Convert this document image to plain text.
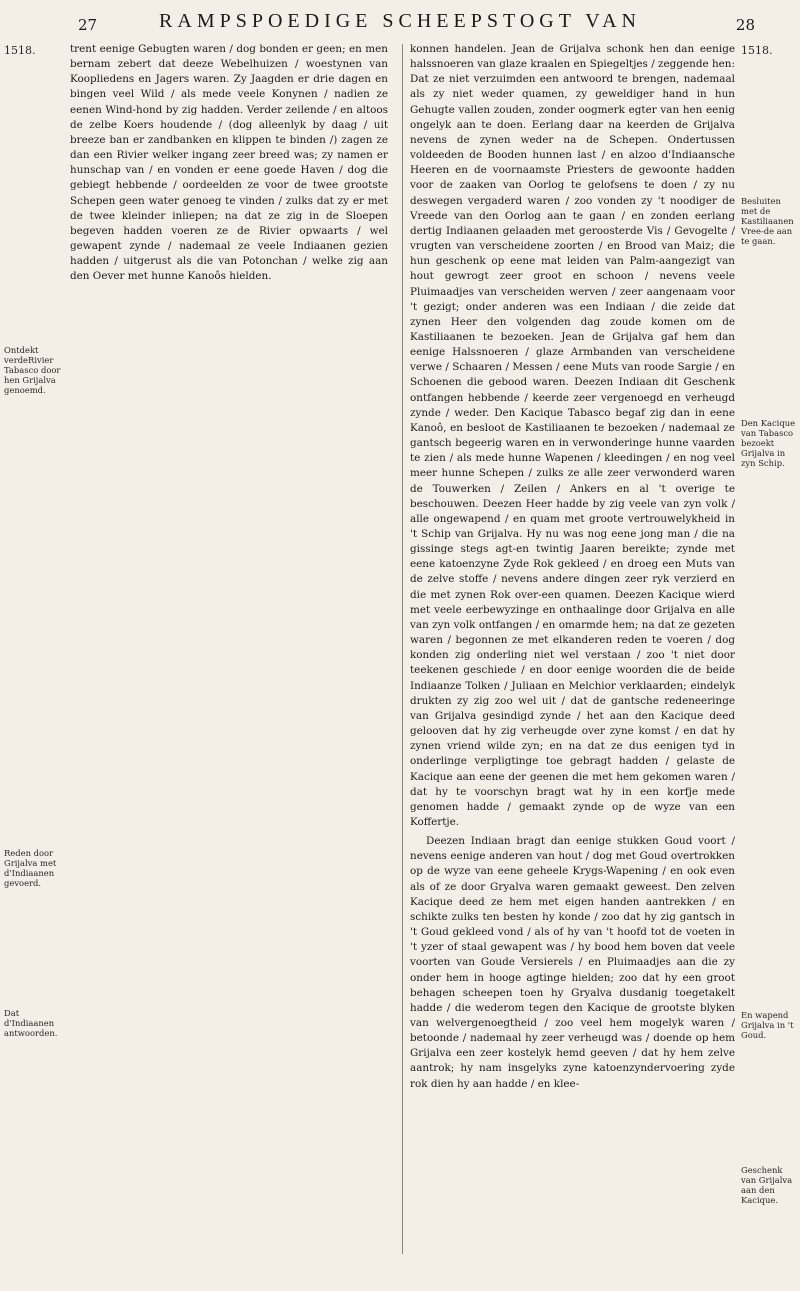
27	RAMPSPOEDIGE SCHEEPSTOGT VAN	28
1518.
Ontdekt verdeRivier Tabasco door hen Grijalva genoemd.
Reden door Grijalva met d'Indiaanen gevoerd.
Dat d'Indiaanen antwoorden.
1518.
Besluiten met de Kastiliaanen Vree-de aan te gaan.
Den Kacique van Tabasco bezoekt Grijalva in zyn Schip.
En wapend Grijalva in 't Goud.
Geschenk van Grijalva aan den Kacique.

trent eenige Gebugten waren / dog bonden er geen; en men bernam zebert dat deeze Webelhuizen / woestynen van Koopliedens en Jagers waren. Zy Jaagden er drie dagen en bingen veel Wild / als mede veele Konynen / nadien ze eenen Wind-hond by zig hadden. Verder zeilende / en altoos de zelbe Koers houdende / (dog alleenlyk by daag / uit breeze ban er zandbanken en klippen te binden /) zagen ze dan een Rivier welker ingang zeer breed was; zy namen er hunschap van / en vonden er eene goede Haven / dog die gebiegt hebbende / oordeelden ze voor de twee grootste Schepen geen water genoeg te vinden / zulks dat zy er met de twee kleinder inliepen; na dat ze zig in de Sloepen begeven hadden voeren ze de Rivier opwaarts / wel gewapent zynde / nademaal ze veele Indiaanen gezien hadden / uitgerust als die van Potonchan / welke zig aan den Oever met hunne Kanoôs hielden.

konnen handelen. Jean de Grijalva schonk hen dan eenige halssnoeren van glaze kraalen en Spiegeltjes / zeggende hen: Dat ze niet verzuimden een antwoord te brengen, nademaal als zy niet weder quamen, zy geweldiger hand in hun Gehugte vallen zouden, zonder oogmerk egter van hen eenig ongelyk aan te doen. Eerlang daar na keerden de Grijalva nevens de zynen weder na de Schepen. Ondertussen voldeeden de Booden hunnen last / en alzoo d'Indiaansche Heeren en de voornaamste Priesters de gewoonte hadden voor de zaaken van Oorlog te gelofsens te doen / zy nu deswegen vergaderd waren / zoo vonden zy 't noodiger de Vreede van den Oorlog aan te gaan / en zonden eerlang dertig Indiaanen gelaaden met geroosterde Vis / Gevogelte / vrugten van verscheidene zoorten / en Brood van Maiz; die hun geschenk op eene mat leiden van Palm-aangezigt van hout gewrogt zeer groot en schoon / nevens veele Pluimaadjes van verscheiden werven / zeer aangenaam voor 't gezigt; onder anderen was een Indiaan / die zeide dat zynen Heer den volgenden dag zoude komen om de Kastiliaanen te bezoeken. Jean de Grijalva gaf hem dan eenige Halssnoeren / glaze Armbanden van verscheidene verwe / Schaaren / Messen / eene Muts van roode Sargie / en Schoenen die gebood waren. Deezen Indiaan dit Geschenk ontfangen hebbende / keerde zeer vergenoegd en verheugd zynde / weder. Den Kacique Tabasco begaf zig dan in eene Kanoô, en besloot de Kastiliaanen te bezoeken / nademaal ze gantsch begeerig waren en in verwonderinge hunne vaarden te zien / als mede hunne Wapenen / kleedingen / en nog veel meer hunne Schepen / zulks ze alle zeer verwonderd waren de Touwerken / Zeilen / Ankers en al 't overige te beschouwen. Deezen Heer hadde by zig veele van zyn volk / alle ongewapend / en quam met groote vertrouwelykheid in 't Schip van Grijalva. Hy nu was nog eene jong man / die na gissinge stegs agt-en twintig Jaaren bereikte; zynde met eene katoenzyne Zyde Rok gekleed / en droeg een Muts van de zelve stoffe / nevens andere dingen zeer ryk verzierd en die met zynen Rok over-een quamen. Deezen Kacique wierd met veele eerbewyzinge en onthaalinge door Grijalva en alle van zyn volk ontfangen / en omarmde hem; na dat ze gezeten waren / begonnen ze met elkanderen reden te voeren / dog konden zig onderling niet wel verstaan / zoo 't niet door teekenen geschiede / en door eenige woorden die de beide Indiaanze Tolken / Juliaan en Melchior verklaarden; eindelyk drukten zy zig zoo wel uit / dat de gantsche redeneeringe van Grijalva gesindigd zynde / het aan den Kacique deed gelooven dat hy zig verheugde over zyne komst / en dat hy zynen vriend wilde zyn; en na dat ze dus eenigen tyd in onderlinge verpligtinge toe gebragt hadden / gelaste de Kacique aan eene der geenen die met hem gekomen waren / dat hy te voorschyn bragt wat hy in een korfje mede genomen hadde / gemaakt zynde op de wyze van een Koffertje.

Deezen Indiaan bragt dan eenige stukken Goud voort / nevens eenige anderen van hout / dog met Goud overtrokken op de wyze van eene geheele Krygs-Wapening / en ook even als of ze door Gryalva waren gemaakt geweest. Den zelven Kacique deed ze hem met eigen handen aantrekken / en schikte zulks ten besten hy konde / zoo dat hy zig gantsch in 't Goud gekleed vond / als of hy van 't hoofd tot de voeten in 't yzer of staal gewapent was / hy bood hem boven dat veele voorten van Goude Versierels / en Pluimaadjes aan die zy onder hem in hooge agtinge hielden; zoo dat hy een groot behagen scheepen toen hy Gryalva dusdanig toegetakelt hadde / die wederom tegen den Kacique de grootste blyken van welvergenoegtheid / zoo veel hem mogelyk waren / betoonde / nademaal hy zeer verheugd was / doende op hem Grijalva een zeer kostelyk hemd geeven / dat hy hem zelve aantrok; hy nam insgelyks zyne katoenzyndervoering zyde rok dien hy aan hadde / en klee-
